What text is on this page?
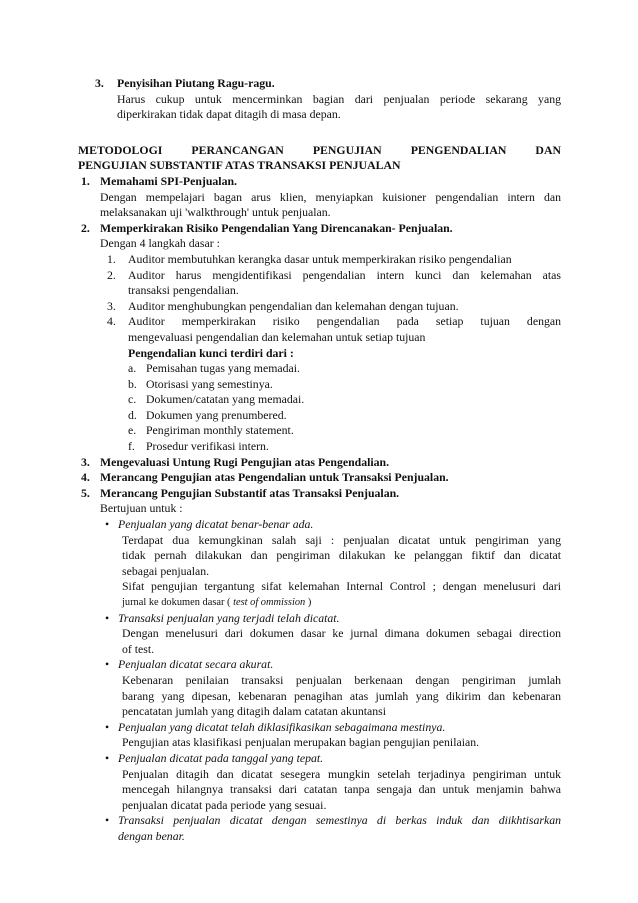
3. Penyisihan Piutang Ragu-ragu.
Harus cukup untuk mencerminkan bagian dari penjualan periode sekarang yang
diperkirakan tidak dapat ditagih di masa depan.
METODOLOGI PERANCANGAN PENGUJIAN PENGENDALIAN DAN
PENGUJIAN SUBSTANTIF ATAS TRANSAKSI PENJUALAN
1. Memahami SPI-Penjualan.
Dengan mempelajari bagan arus klien, menyiapkan kuisioner pengendalian intern dan
melaksanakan uji 'walkthrough' untuk penjualan.
2. Memperkirakan Risiko Pengendalian Yang Direncanakan- Penjualan.
Dengan 4 langkah dasar :
1. Auditor membutuhkan kerangka dasar untuk memperkirakan risiko pengendalian
2. Auditor harus mengidentifikasi pengendalian intern kunci dan kelemahan atas
transaksi pengendalian.
3. Auditor menghubungkan pengendalian dan kelemahan dengan tujuan.
4. Auditor memperkirakan risiko pengendalian pada setiap tujuan dengan
mengevaluasi pengendalian dan kelemahan untuk setiap tujuan
Pengendalian kunci terdiri dari :
a. Pemisahan tugas yang memadai.
b. Otorisasi yang semestinya.
c. Dokumen/catatan yang memadai.
d. Dokumen yang prenumbered.
e. Pengiriman monthly statement.
f. Prosedur verifikasi intern.
3. Mengevaluasi Untung Rugi Pengujian atas Pengendalian.
4. Merancang Pengujian atas Pengendalian untuk Transaksi Penjualan.
5. Merancang Pengujian Substantif atas Transaksi Penjualan.
Bertujuan untuk :
• Penjualan yang dicatat benar-benar ada.
Terdapat dua kemungkinan salah saji : penjualan dicatat untuk pengiriman yang
tidak pernah dilakukan dan pengiriman dilakukan ke pelanggan fiktif dan dicatat
sebagai penjualan.
Sifat pengujian tergantung sifat kelemahan Internal Control ; dengan menelusuri dari
jurnal ke dokumen dasar ( test of ommission )
• Transaksi penjualan yang terjadi telah dicatat.
Dengan menelusuri dari dokumen dasar ke jurnal dimana dokumen sebagai direction
of test.
• Penjualan dicatat secara akurat.
Kebenaran penilaian transaksi penjualan berkenaan dengan pengiriman jumlah
barang yang dipesan, kebenaran penagihan atas jumlah yang dikirim dan kebenaran
pencatatan jumlah yang ditagih dalam catatan akuntansi
• Penjualan yang dicatat telah diklasifikasikan sebagaimana mestinya.
Pengujian atas klasifikasi penjualan merupakan bagian pengujian penilaian.
• Penjualan dicatat pada tanggal yang tepat.
Penjualan ditagih dan dicatat sesegera mungkin setelah terjadinya pengiriman untuk
mencegah hilangnya transaksi dari catatan tanpa sengaja dan untuk menjamin bahwa
penjualan dicatat pada periode yang sesuai.
• Transaksi penjualan dicatat dengan semestinya di berkas induk dan diikhtisarkan
dengan benar.
